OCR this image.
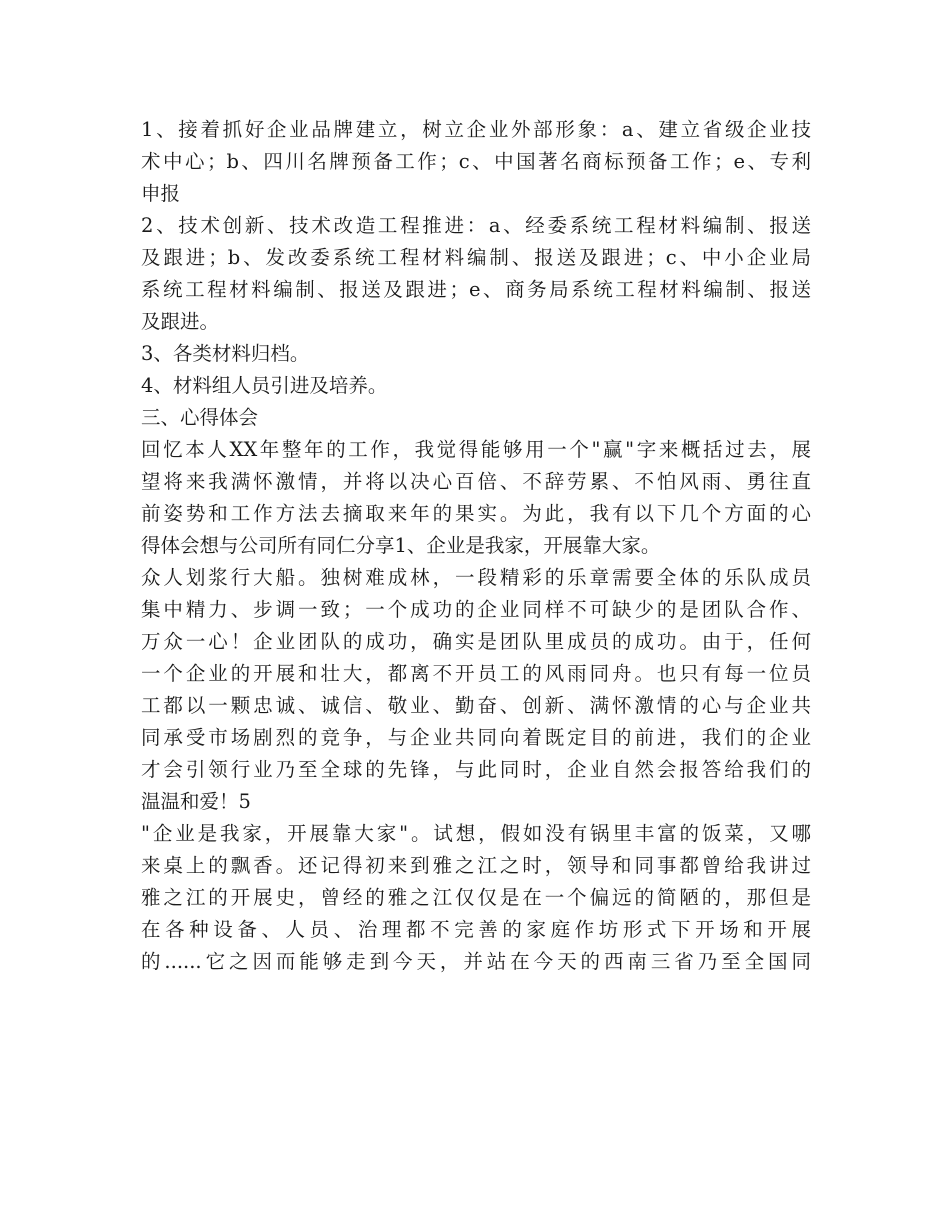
1、接着抓好企业品牌建立，树立企业外部形象：a、建立省级企业技
术中心；b、四川名牌预备工作；c、中国著名商标预备工作；e、专利
申报
2、技术创新、技术改造工程推进：a、经委系统工程材料编制、报送
及跟进；b、发改委系统工程材料编制、报送及跟进；c、中小企业局
系统工程材料编制、报送及跟进；e、商务局系统工程材料编制、报送
及跟进。
3、各类材料归档。
4、材料组人员引进及培养。
三、心得体会
回忆本人XX年整年的工作，我觉得能够用一个"赢"字来概括过去，展
望将来我满怀激情，并将以决心百倍、不辞劳累、不怕风雨、勇往直
前姿势和工作方法去摘取来年的果实。为此，我有以下几个方面的心
得体会想与公司所有同仁分享1、企业是我家，开展靠大家。
众人划浆行大船。独树难成林，一段精彩的乐章需要全体的乐队成员
集中精力、步调一致；一个成功的企业同样不可缺少的是团队合作、
万众一心！企业团队的成功，确实是团队里成员的成功。由于，任何
一个企业的开展和壮大，都离不开员工的风雨同舟。也只有每一位员
工都以一颗忠诚、诚信、敬业、勤奋、创新、满怀激情的心与企业共
同承受市场剧烈的竞争，与企业共同向着既定目的前进，我们的企业
才会引领行业乃至全球的先锋，与此同时，企业自然会报答给我们的
温温和爱！5
"企业是我家，开展靠大家"。试想，假如没有锅里丰富的饭菜，又哪
来桌上的飘香。还记得初来到雅之江之时，领导和同事都曾给我讲过
雅之江的开展史，曾经的雅之江仅仅是在一个偏远的简陋的，那但是
在各种设备、人员、治理都不完善的家庭作坊形式下开场和开展
的......它之因而能够走到今天，并站在今天的西南三省乃至全国同
